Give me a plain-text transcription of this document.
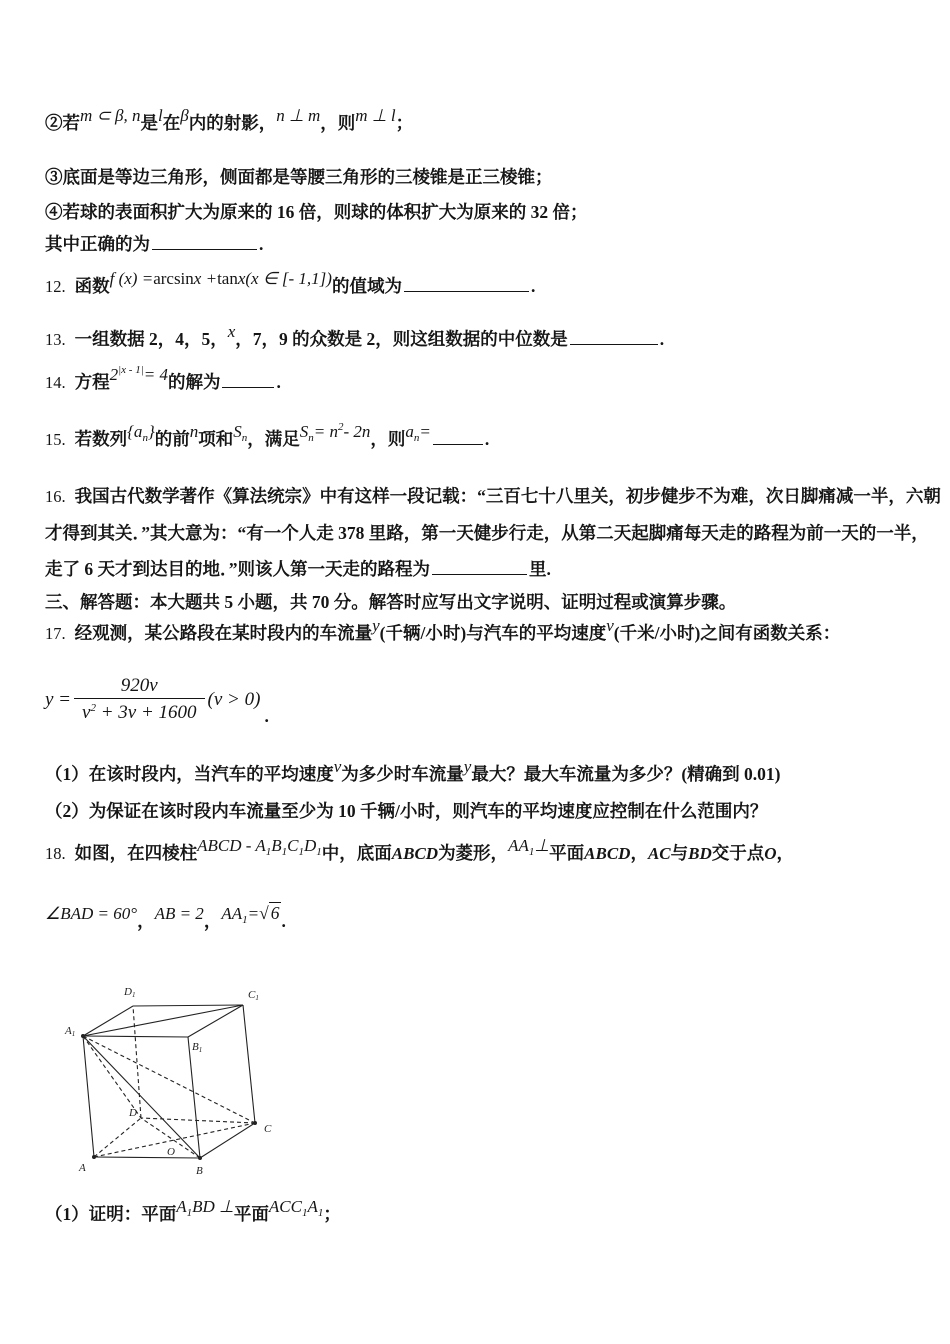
②若m ⊂ β, n是l在β内的射影，n ⊥ m，则m ⊥ l；

③底面是等边三角形，侧面都是等腰三角形的三棱锥是正三棱锥；

④若球的表面积扩大为原来的 16 倍，则球的体积扩大为原来的 32 倍；

其中正确的为	.

12. 函数f (x) =arcsinx +tanx(x ∈ [- 1,1])的值域为	.

13. 一组数据 2，4，5，x，7，9 的众数是 2，则这组数据的中位数是	.

14. 方程$2^{|x - 1|}= 4$的解为	.

15. 若数列$\{a_n\}$的前n项和$S_n$，满足$S_n= n^2-$ 2n，则$a_n=$	.

16. 我国古代数学著作《算法统宗》中有这样一段记载：“三百七十八里关，初步健步不为难，次日脚痛减一半，六朝

才得到其关．”其大意为：“有一个人走 378 里路，第一天健步行走，从第二天起脚痛每天走的路程为前一天的一半，

走了 6 天才到达目的地．”则该人第一天走的路程为	里.

三、解答题：本大题共 5 小题，共 70 分。解答时应写出文字说明、证明过程或演算步骤。

17. 经观测，某公路段在某时段内的车流量y(千辆/小时)与汽车的平均速度v(千米/小时)之间有函数关系：

$y = \frac{920v}{v^2 + 3v + 1600} (v > 0)$
.

（1）在该时段内，当汽车的平均速度v为多少时车流量y最大？最大车流量为多少？(精确到 0.01)

（2）为保证在该时段内车流量至少为 10 千辆/小时，则汽车的平均速度应控制在什么范围内？

18. 如图，在四棱柱ABCD - $A_1B_1C_1D_1$中，底面ABCD为菱形，$AA_1\perp$平面ABCD，AC与BD交于点O，

∠BAD = 60°，AB = 2，$AA_1=√$ 6 .

A1
D1	C1
B1
A	B
C
D
O

（1）证明：平面$A_1BD$ ⊥平面$ACC_1A_1$；
